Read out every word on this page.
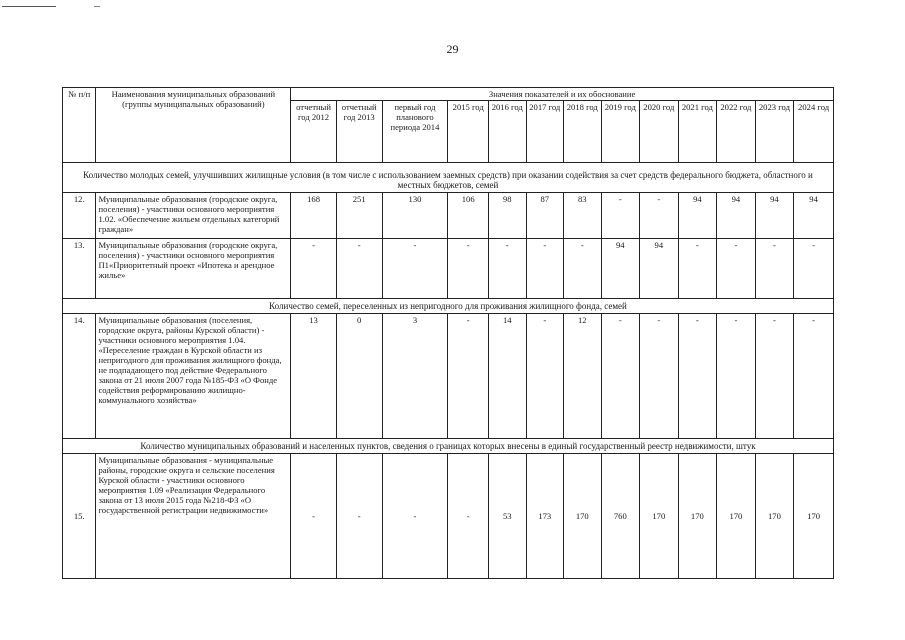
29
№ п/п	Наименования муниципальных образований (группы муниципальных образований)	Значения показателей и их обоснование												
		отчетный год 2012	отчетный год 2013	первый год планового периода 2014	2015 год	2016 год	2017 год	2018 год	2019 год	2020 год	2021 год	2022 год	2023 год	2024 год
Количество молодых семей, улучшивших жилищные условия (в том числе с использованием заемных средств) при оказании содействия за счет средств федерального бюджета, областного и местных бюджетов, семей														
12.	Муниципальные образования (городские округа, поселения) - участники основного мероприятия 1.02. «Обеспечение жильем отдельных категорий граждан»	168	251	130	106	98	87	83	-	-	94	94	94	94
13.	Муниципальные образования (городские округа, поселения) - участники основного мероприятия П1«Приоритетный проект «Ипотека и арендное жилье»	-	-	-	-	-	-	-	94	94	-	-	-	-
Количество семей, переселенных из непригодного для проживания жилищного фонда, семей														
14.	Муниципальные образования (поселения, городские округа, районы Курской области) - участники основного мероприятия 1.04. «Переселение граждан в Курской области из непригодного для проживания жилищного фонда, не подпадающего под действие Федерального закона от 21 июля 2007 года №185-ФЗ «О Фонде содействия реформированию жилищно-коммунального хозяйства»	13	0	3	-	14	-	12	-	-	-	-	-	-
Количество муниципальных образований и населенных пунктов, сведения о границах которых внесены в единый государственный реестр недвижимости, штук														
15.	Муниципальные образования - муниципальные районы, городские округа и сельские поселения Курской области - участники основного мероприятия 1.09 «Реализация Федерального закона от 13 июля 2015 года №218-ФЗ «О государственной регистрации недвижимости»	-	-	-	-	53	173	170	760	170	170	170	170	170
